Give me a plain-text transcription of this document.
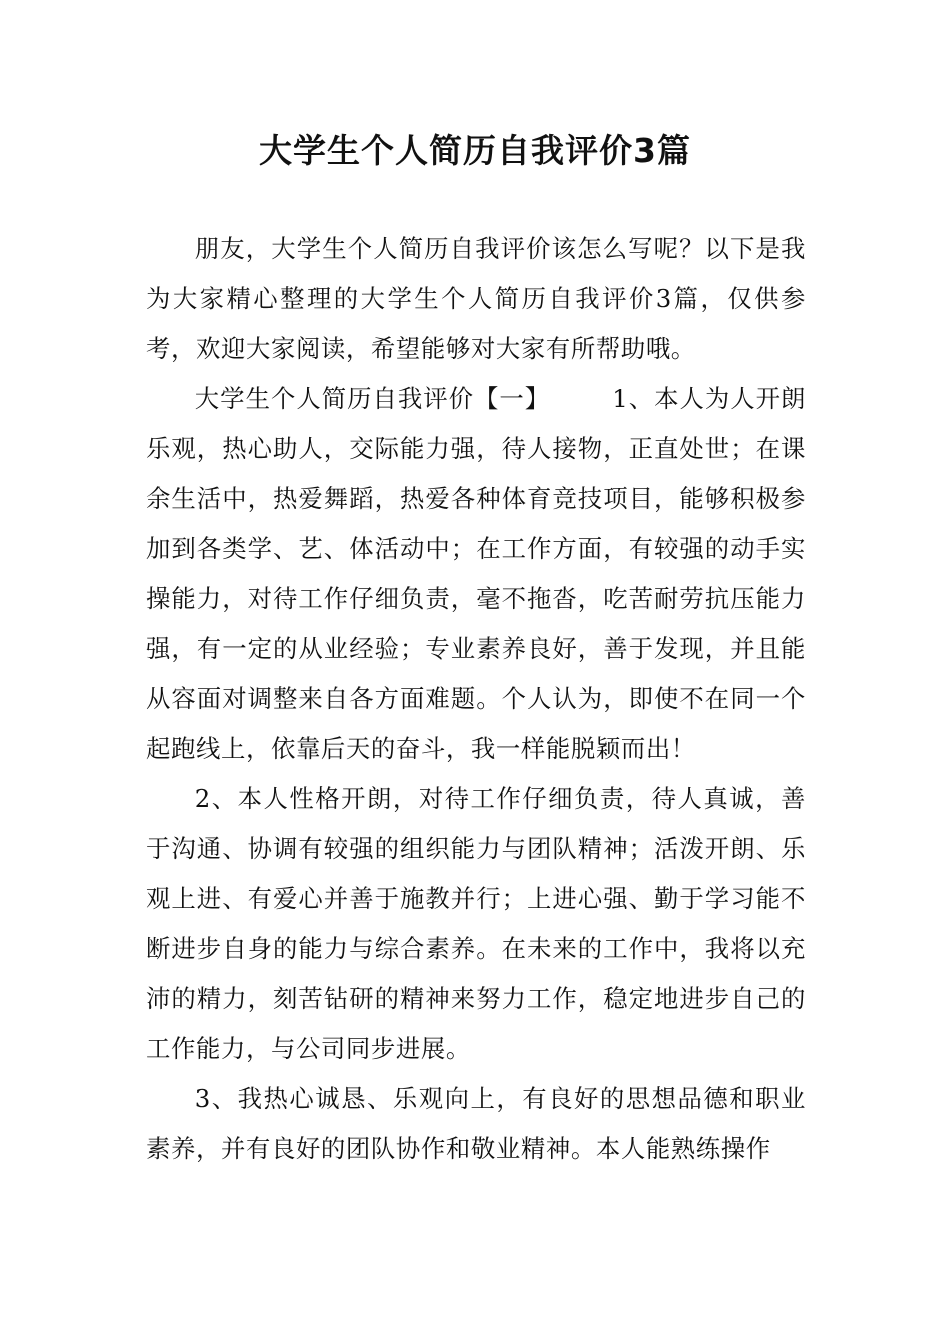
大学生个人简历自我评价3篇

朋友，大学生个人简历自我评价该怎么写呢？以下是我为大家精心整理的大学生个人简历自我评价3篇，仅供参考，欢迎大家阅读，希望能够对大家有所帮助哦。

大学生个人简历自我评价【一】	1、本人为人开朗乐观，热心助人，交际能力强，待人接物，正直处世；在课余生活中，热爱舞蹈，热爱各种体育竞技项目，能够积极参加到各类学、艺、体活动中；在工作方面，有较强的动手实操能力，对待工作仔细负责，毫不拖沓，吃苦耐劳抗压能力强，有一定的从业经验；专业素养良好，善于发现，并且能从容面对调整来自各方面难题。个人认为，即使不在同一个起跑线上，依靠后天的奋斗，我一样能脱颖而出！

2、本人性格开朗，对待工作仔细负责，待人真诚，善于沟通、协调有较强的组织能力与团队精神；活泼开朗、乐观上进、有爱心并善于施教并行；上进心强、勤于学习能不断进步自身的能力与综合素养。在未来的工作中，我将以充沛的精力，刻苦钻研的精神来努力工作，稳定地进步自己的工作能力，与公司同步进展。

3、我热心诚恳、乐观向上，有良好的思想品德和职业素养，并有良好的团队协作和敬业精神。本人能熟练操作
